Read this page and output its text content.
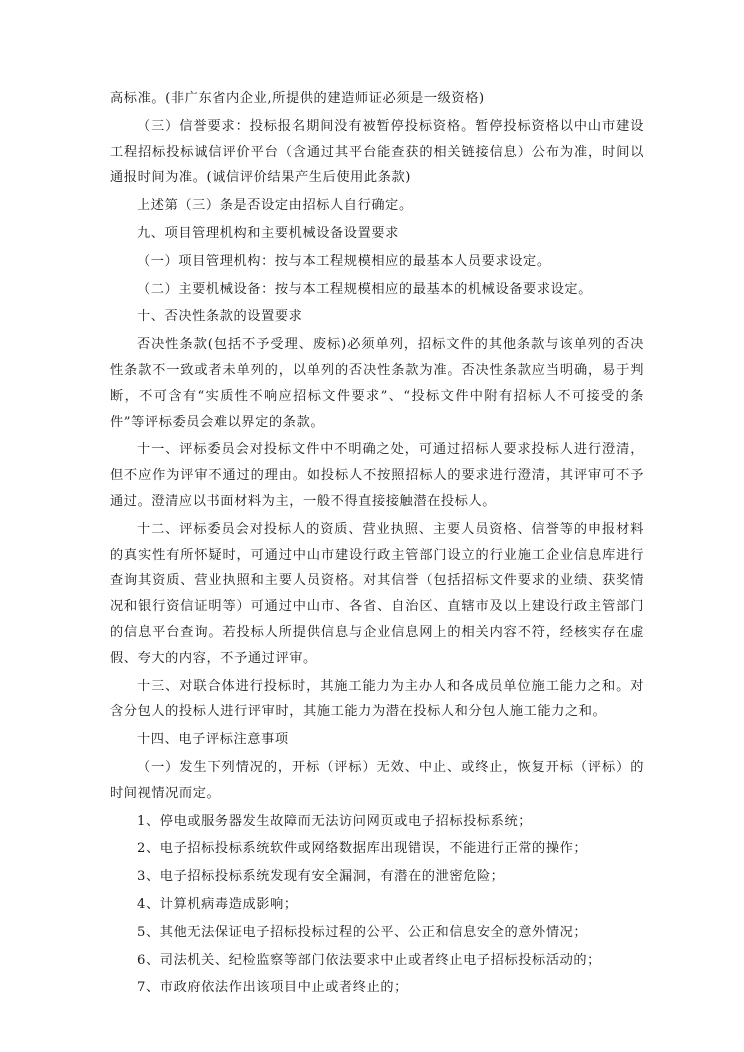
高标准。(非广东省内企业,所提供的建造师证必须是一级资格)

（三）信誉要求：投标报名期间没有被暂停投标资格。暂停投标资格以中山市建设工程招标投标诚信评价平台（含通过其平台能查获的相关链接信息）公布为准，时间以通报时间为准。(诚信评价结果产生后使用此条款)

上述第（三）条是否设定由招标人自行确定。

九、项目管理机构和主要机械设备设置要求

（一）项目管理机构：按与本工程规模相应的最基本人员要求设定。

（二）主要机械设备：按与本工程规模相应的最基本的机械设备要求设定。

十、否决性条款的设置要求

否决性条款(包括不予受理、废标)必须单列，招标文件的其他条款与该单列的否决性条款不一致或者未单列的，以单列的否决性条款为准。否决性条款应当明确，易于判断，不可含有“实质性不响应招标文件要求”、“投标文件中附有招标人不可接受的条件”等评标委员会难以界定的条款。

十一、评标委员会对投标文件中不明确之处，可通过招标人要求投标人进行澄清，但不应作为评审不通过的理由。如投标人不按照招标人的要求进行澄清，其评审可不予通过。澄清应以书面材料为主，一般不得直接接触潜在投标人。

十二、评标委员会对投标人的资质、营业执照、主要人员资格、信誉等的申报材料的真实性有所怀疑时，可通过中山市建设行政主管部门设立的行业施工企业信息库进行查询其资质、营业执照和主要人员资格。对其信誉（包括招标文件要求的业绩、获奖情况和银行资信证明等）可通过中山市、各省、自治区、直辖市及以上建设行政主管部门的信息平台查询。若投标人所提供信息与企业信息网上的相关内容不符，经核实存在虚假、夸大的内容，不予通过评审。

十三、对联合体进行投标时，其施工能力为主办人和各成员单位施工能力之和。对含分包人的投标人进行评审时，其施工能力为潜在投标人和分包人施工能力之和。

十四、电子评标注意事项

（一）发生下列情况的，开标（评标）无效、中止、或终止，恢复开标（评标）的时间视情况而定。

1、停电或服务器发生故障而无法访问网页或电子招标投标系统；

2、电子招标投标系统软件或网络数据库出现错误，不能进行正常的操作；

3、电子招标投标系统发现有安全漏洞，有潜在的泄密危险；

4、计算机病毒造成影响；

5、其他无法保证电子招标投标过程的公平、公正和信息安全的意外情况；

6、司法机关、纪检监察等部门依法要求中止或者终止电子招标投标活动的；

7、市政府依法作出该项目中止或者终止的；
